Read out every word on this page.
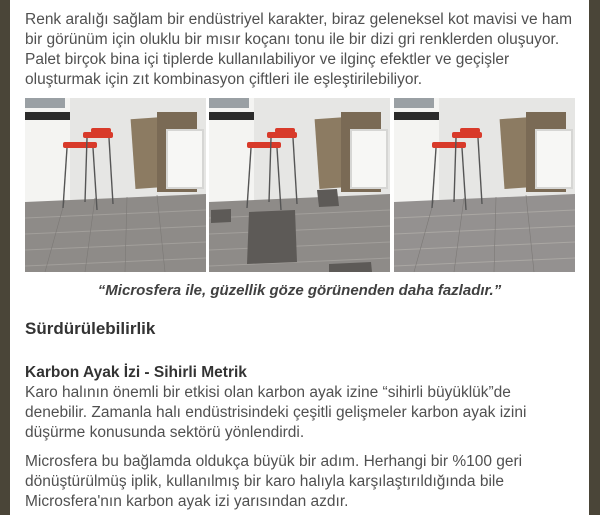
Renk aralığı sağlam bir endüstriyel karakter, biraz geleneksel kot mavisi ve ham bir görünüm için oluklu bir mısır koçanı tonu ile bir dizi gri renklerden oluşuyor. Palet birçok bina içi tiplerde kullanılabiliyor ve ilginç efektler ve geçişler oluşturmak için zıt kombinasyon çiftleri ile eşleştirilebiliyor.

“Microsfera ile, güzellik göze görünenden daha fazladır.”

Sürdürülebilirlik
Karbon Ayak İzi - Sihirli Metrik

Karo halının önemli bir etkisi olan karbon ayak izine “sihirli büyüklük”de denebilir. Zamanla halı endüstrisindeki çeşitli gelişmeler karbon ayak izini düşürme konusunda sektörü yönlendirdi.

Microsfera bu bağlamda oldukça büyük bir adım. Herhangi bir %100 geri dönüştürülmüş iplik, kullanılmış bir karo halıyla karşılaştırıldığında bile Microsfera'nın karbon ayak izi yarısından azdır.
